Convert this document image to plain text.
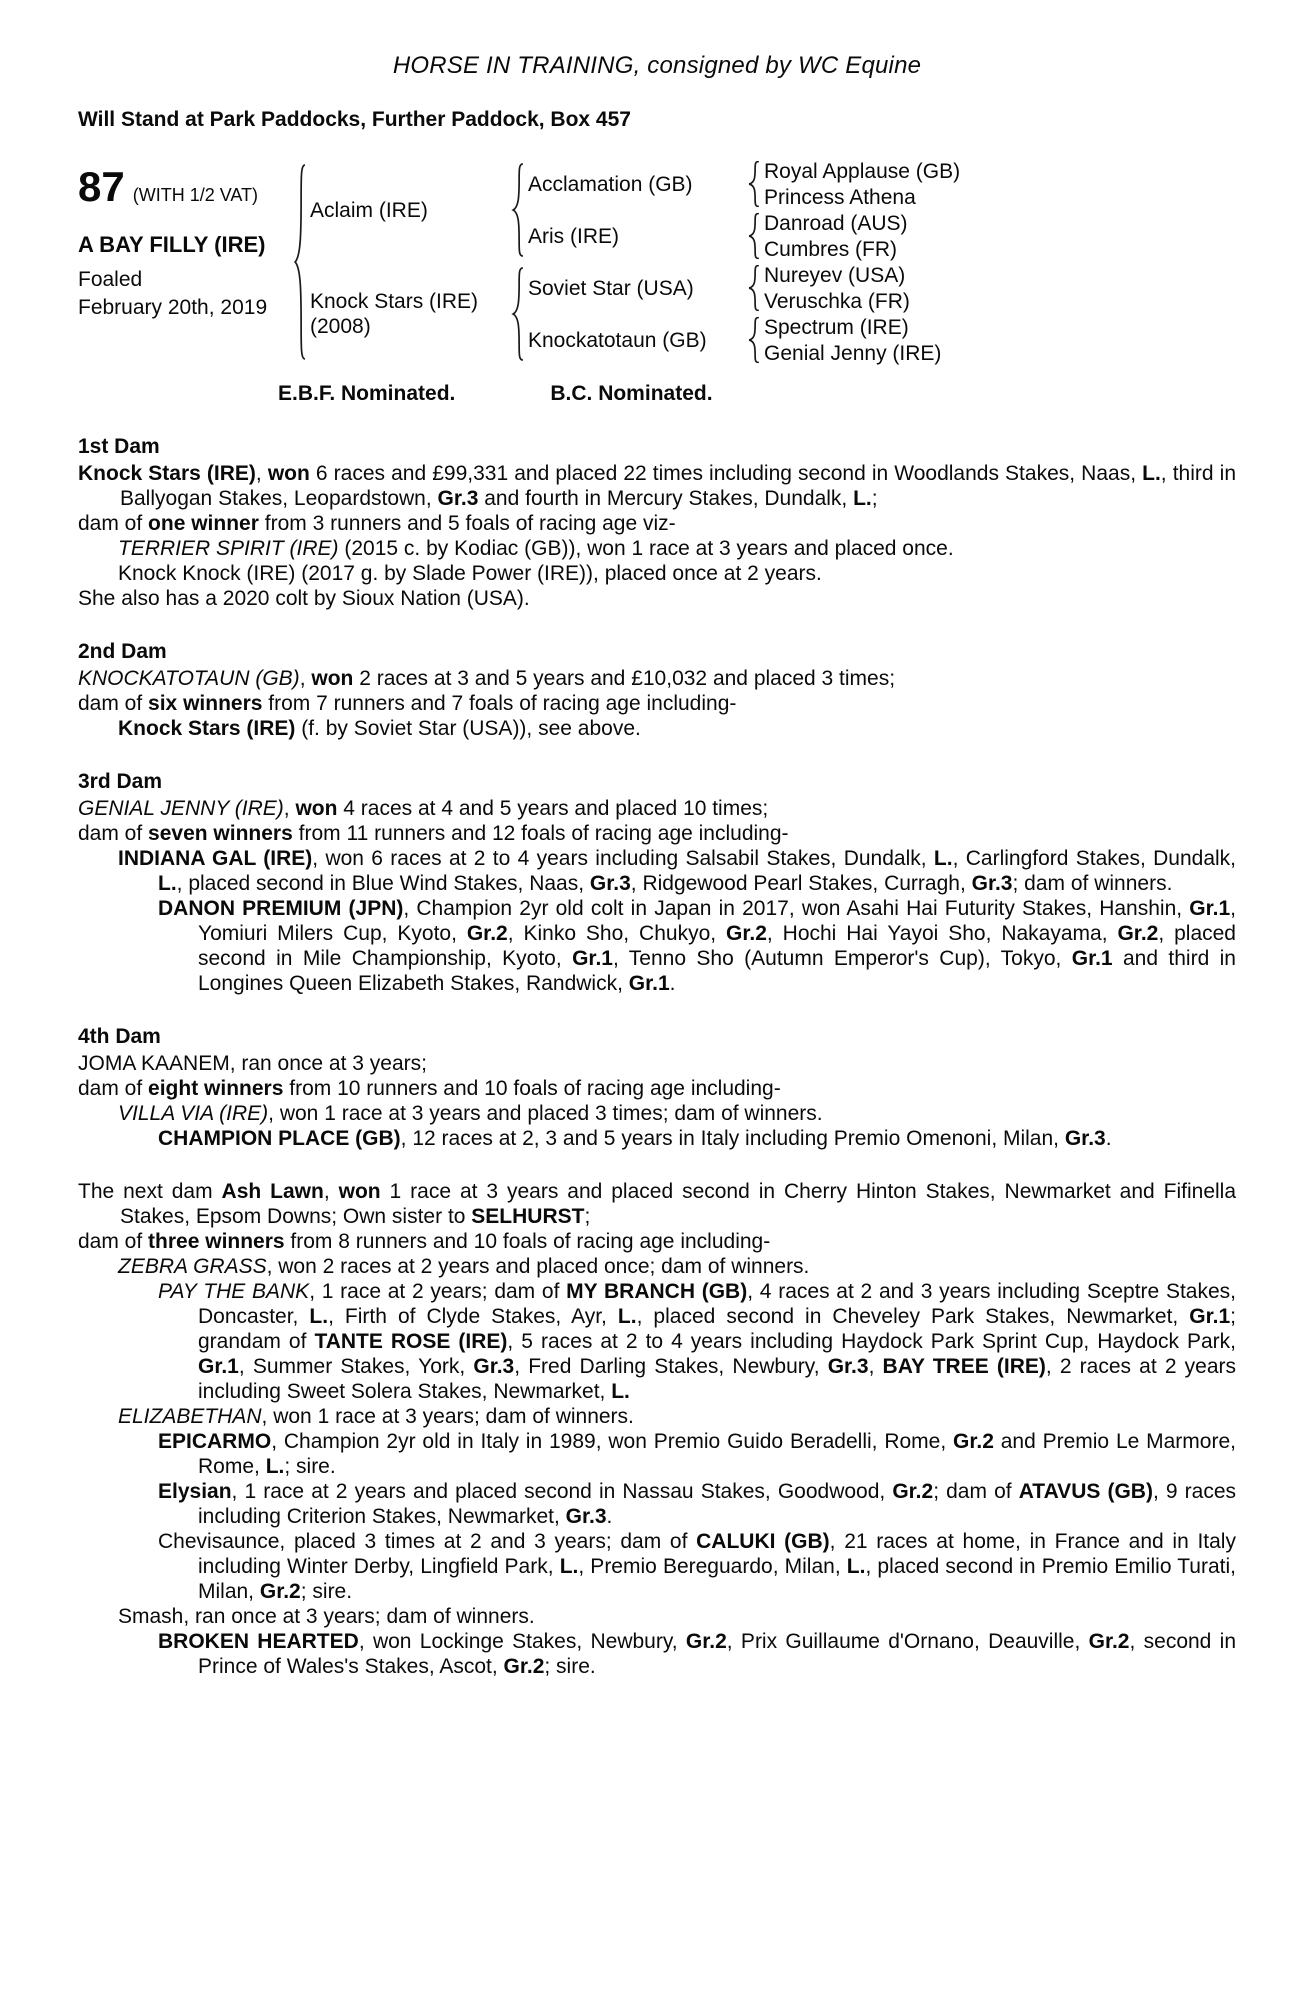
HORSE IN TRAINING, consigned by WC Equine
Will Stand at Park Paddocks, Further Paddock, Box 457
87 (WITH 1/2 VAT)
A BAY FILLY (IRE)
Foaled
February 20th, 2019
Aclaim (IRE)
Knock Stars (IRE)
(2008)
Acclamation (GB)
Aris (IRE)
Soviet Star (USA)
Knockatotaun (GB)
Royal Applause (GB)
Princess Athena
Danroad (AUS)
Cumbres (FR)
Nureyev (USA)
Veruschka (FR)
Spectrum (IRE)
Genial Jenny (IRE)
E.B.F. Nominated.	B.C. Nominated.
1st Dam
Knock Stars (IRE), won 6 races and £99,331 and placed 22 times including second in Woodlands Stakes, Naas, L., third in Ballyogan Stakes, Leopardstown, Gr.3 and fourth in Mercury Stakes, Dundalk, L.;
dam of one winner from 3 runners and 5 foals of racing age viz-
TERRIER SPIRIT (IRE) (2015 c. by Kodiac (GB)), won 1 race at 3 years and placed once.
Knock Knock (IRE) (2017 g. by Slade Power (IRE)), placed once at 2 years.
She also has a 2020 colt by Sioux Nation (USA).
2nd Dam
KNOCKATOTAUN (GB), won 2 races at 3 and 5 years and £10,032 and placed 3 times;
dam of six winners from 7 runners and 7 foals of racing age including-
Knock Stars (IRE) (f. by Soviet Star (USA)), see above.
3rd Dam
GENIAL JENNY (IRE), won 4 races at 4 and 5 years and placed 10 times;
dam of seven winners from 11 runners and 12 foals of racing age including-
INDIANA GAL (IRE), won 6 races at 2 to 4 years including Salsabil Stakes, Dundalk, L., Carlingford Stakes, Dundalk, L., placed second in Blue Wind Stakes, Naas, Gr.3, Ridgewood Pearl Stakes, Curragh, Gr.3; dam of winners.
DANON PREMIUM (JPN), Champion 2yr old colt in Japan in 2017, won Asahi Hai Futurity Stakes, Hanshin, Gr.1, Yomiuri Milers Cup, Kyoto, Gr.2, Kinko Sho, Chukyo, Gr.2, Hochi Hai Yayoi Sho, Nakayama, Gr.2, placed second in Mile Championship, Kyoto, Gr.1, Tenno Sho (Autumn Emperor's Cup), Tokyo, Gr.1 and third in Longines Queen Elizabeth Stakes, Randwick, Gr.1.
4th Dam
JOMA KAANEM, ran once at 3 years;
dam of eight winners from 10 runners and 10 foals of racing age including-
VILLA VIA (IRE), won 1 race at 3 years and placed 3 times; dam of winners.
CHAMPION PLACE (GB), 12 races at 2, 3 and 5 years in Italy including Premio Omenoni, Milan, Gr.3.
The next dam Ash Lawn, won 1 race at 3 years and placed second in Cherry Hinton Stakes, Newmarket and Fifinella Stakes, Epsom Downs; Own sister to SELHURST;
dam of three winners from 8 runners and 10 foals of racing age including-
ZEBRA GRASS, won 2 races at 2 years and placed once; dam of winners.
PAY THE BANK, 1 race at 2 years; dam of MY BRANCH (GB), 4 races at 2 and 3 years including Sceptre Stakes, Doncaster, L., Firth of Clyde Stakes, Ayr, L., placed second in Cheveley Park Stakes, Newmarket, Gr.1; grandam of TANTE ROSE (IRE), 5 races at 2 to 4 years including Haydock Park Sprint Cup, Haydock Park, Gr.1, Summer Stakes, York, Gr.3, Fred Darling Stakes, Newbury, Gr.3, BAY TREE (IRE), 2 races at 2 years including Sweet Solera Stakes, Newmarket, L.
ELIZABETHAN, won 1 race at 3 years; dam of winners.
EPICARMO, Champion 2yr old in Italy in 1989, won Premio Guido Beradelli, Rome, Gr.2 and Premio Le Marmore, Rome, L.; sire.
Elysian, 1 race at 2 years and placed second in Nassau Stakes, Goodwood, Gr.2; dam of ATAVUS (GB), 9 races including Criterion Stakes, Newmarket, Gr.3.
Chevisaunce, placed 3 times at 2 and 3 years; dam of CALUKI (GB), 21 races at home, in France and in Italy including Winter Derby, Lingfield Park, L., Premio Bereguardo, Milan, L., placed second in Premio Emilio Turati, Milan, Gr.2; sire.
Smash, ran once at 3 years; dam of winners.
BROKEN HEARTED, won Lockinge Stakes, Newbury, Gr.2, Prix Guillaume d'Ornano, Deauville, Gr.2, second in Prince of Wales's Stakes, Ascot, Gr.2; sire.
